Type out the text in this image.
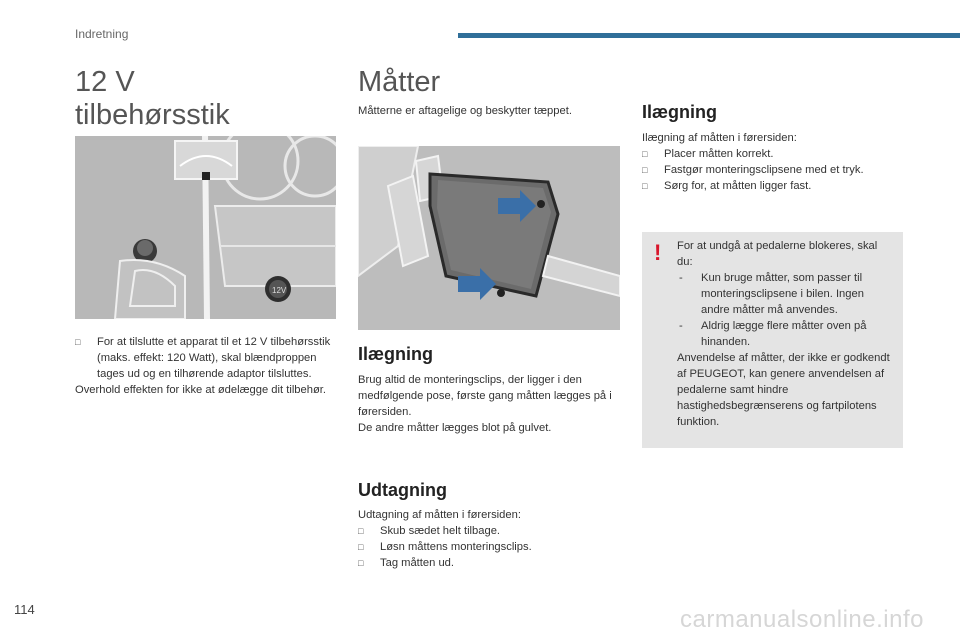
Indretning
12 V
tilbehørsstik
12V
□ For at tilslutte et apparat til et 12 V tilbehørsstik (maks. effekt: 120 Watt), skal blændproppen tages ud og en tilhørende adaptor tilsluttes.
Overhold effekten for ikke at ødelægge dit tilbehør.
Måtter
Måtterne er aftagelige og beskytter tæppet.
Ilægning
Brug altid de monteringsclips, der ligger i den medfølgende pose, første gang måtten lægges på i førersiden.
De andre måtter lægges blot på gulvet.
Udtagning
Udtagning af måtten i førersiden:
□ Skub sædet helt tilbage.
□ Løsn måttens monteringsclips.
□ Tag måtten ud.
Ilægning
Ilægning af måtten i førersiden:
□ Placer måtten korrekt.
□ Fastgør monteringsclipsene med et tryk.
□ Sørg for, at måtten ligger fast.
! For at undgå at pedalerne blokeres, skal du:
- Kun bruge måtter, som passer til monteringsclipsene i bilen. Ingen andre måtter må anvendes.
- Aldrig lægge flere måtter oven på hinanden.
Anvendelse af måtter, der ikke er godkendt af PEUGEOT, kan genere anvendelsen af pedalerne samt hindre hastighedsbegrænserens og fartpilotens funktion.
114	carmanualsonline.info
